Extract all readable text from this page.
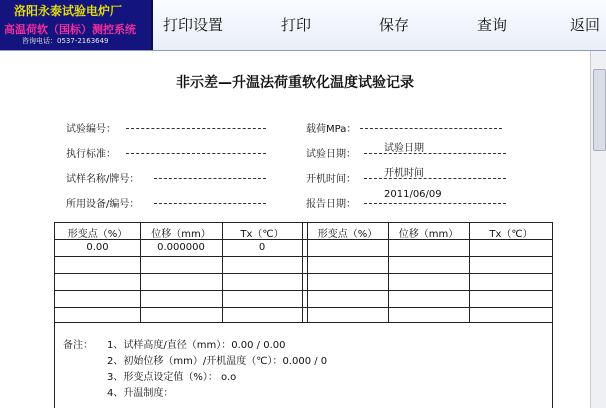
洛阳永泰试验电炉厂
高温荷软（国标）测控系统
咨询电话：0537-2163649
打印设置	打印	保存	查询	返回
非示差—升温法荷重软化温度试验记录
试验编号：	载荷MPa：
执行标准：	试验日期：
试验日期
试样名称/牌号：	开机时间：
开机时间
所用设备/编号：	报告日期：
2011/06/09
形变点（%）	位移（mm）	Tx（℃）	形变点（%）	位移（mm）	Tx（℃）
0.00	0.000000	0
备注： 1、试样高度/直径（mm）：0.00 / 0.00
2、初始位移（mm）/开机温度（℃）：0.000 / 0
3、形变点设定值（%）： o.o
4、升温制度：
